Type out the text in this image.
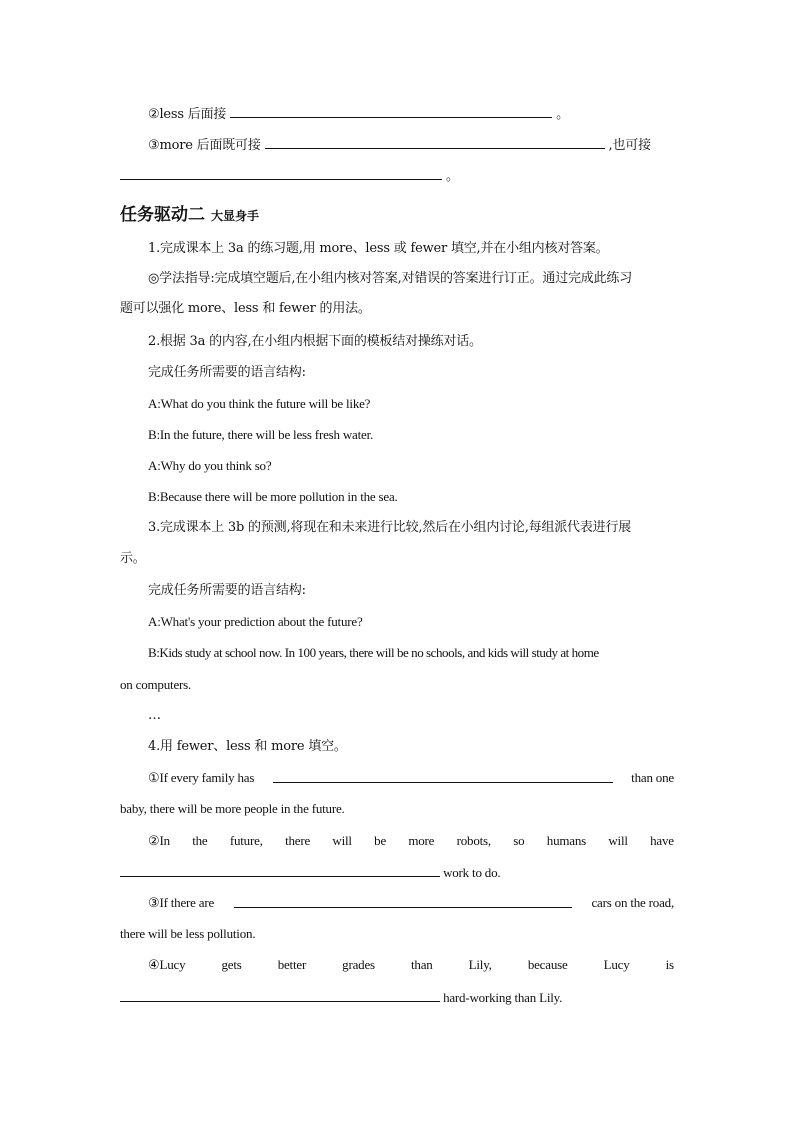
②less 后面接	。
③more 后面既可接	,也可接
。
任务驱动二 大显身手
1.完成课本上 3a 的练习题,用 more、less 或 fewer 填空,并在小组内核对答案。
◎学法指导:完成填空题后,在小组内核对答案,对错误的答案进行订正。通过完成此练习
题可以强化 more、less 和 fewer 的用法。
2.根据 3a 的内容,在小组内根据下面的模板结对操练对话。
完成任务所需要的语言结构:
A:What do you think the future will be like?
B:In the future, there will be less fresh water.
A:Why do you think so?
B:Because there will be more pollution in the sea.
3.完成课本上 3b 的预测,将现在和未来进行比较,然后在小组内讨论,每组派代表进行展
示。
完成任务所需要的语言结构:
A:What's your prediction about the future?
B:Kids study at school now. In 100 years, there will be no schools, and kids will study at home
on computers.
…
4.用 fewer、less 和 more 填空。
①If every family has	than one
baby, there will be more people in the future.
②In the future, there will be more robots, so humans will have
work to do.
③If there are	cars on the road,
there will be less pollution.
④Lucy	gets	better	grades	than	Lily,	because	Lucy	is
hard-working than Lily.
